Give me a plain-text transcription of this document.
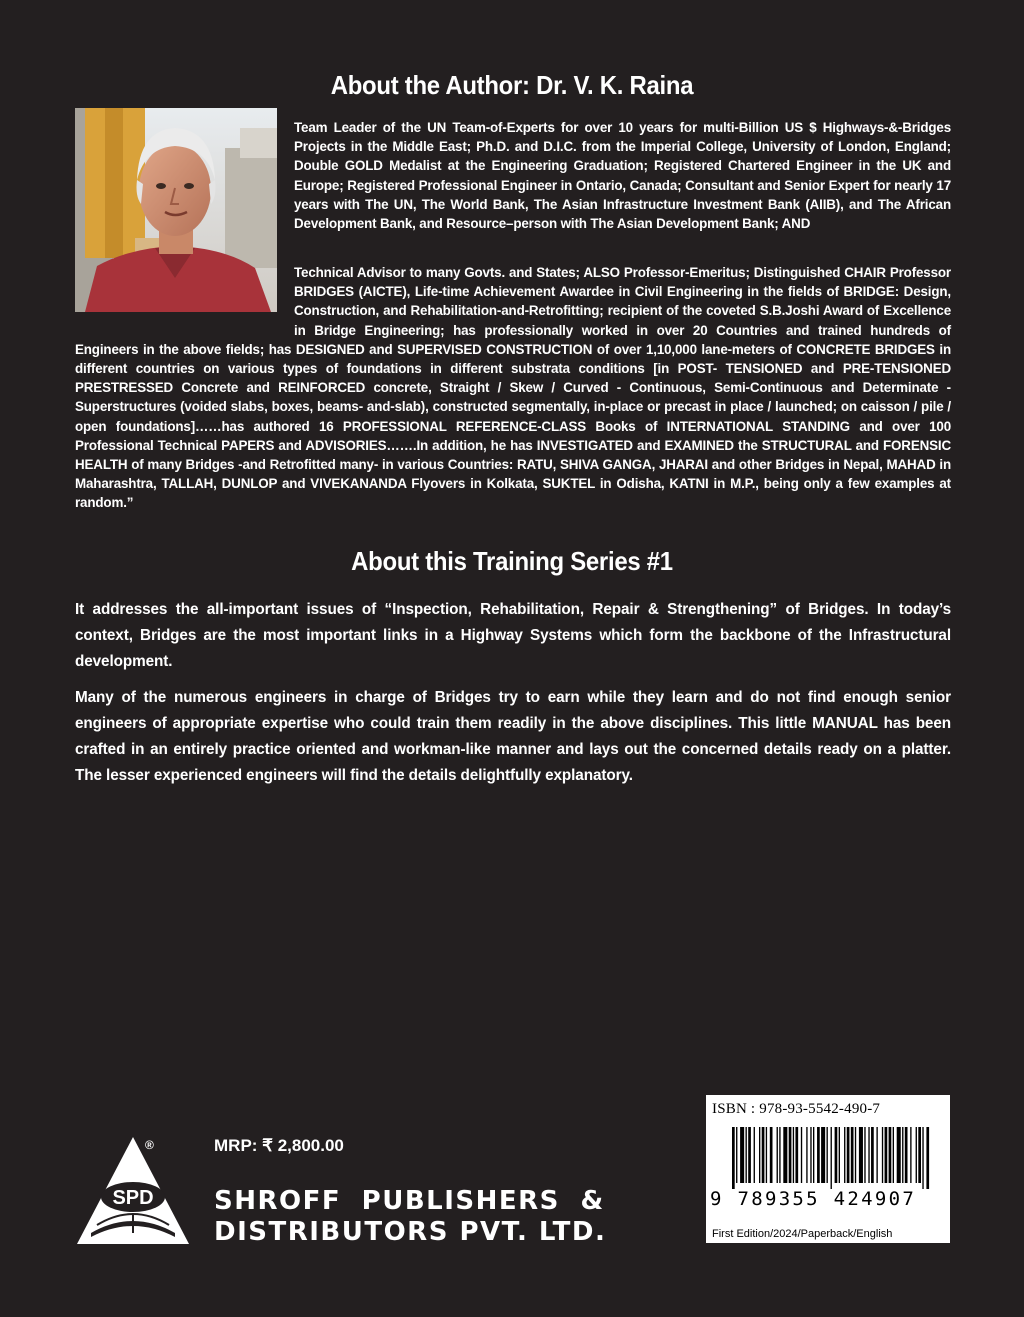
About the Author: Dr. V. K. Raina

Team Leader of the UN Team-of-Experts for over 10 years for multi-Billion US $ Highways-&-Bridges Projects in the Middle East; Ph.D. and D.I.C. from the Imperial College, University of London, England; Double GOLD Medalist at the Engineering Graduation; Registered Chartered Engineer in the UK and Europe; Registered Professional Engineer in Ontario, Canada; Consultant and Senior Expert for nearly 17 years with The UN, The World Bank, The Asian Infrastructure Investment Bank (AIIB), and The African Development Bank, and Resource–person with The Asian Development Bank; AND

Technical Advisor to many Govts. and States; ALSO Professor-Emeritus; Distinguished CHAIR Professor BRIDGES (AICTE), Life-time Achievement Awardee in Civil Engineering in the fields of BRIDGE: Design, Construction, and Rehabilitation-and-Retrofitting; recipient of the coveted S.B.Joshi Award of Excellence in Bridge Engineering; has professionally worked in over 20 Countries and trained hundreds of Engineers in the above fields; has DESIGNED and SUPERVISED CONSTRUCTION of over 1,10,000 lane-meters of CONCRETE BRIDGES in different countries on various types of foundations in different substrata conditions [in POST- TENSIONED and PRE-TENSIONED PRESTRESSED Concrete and REINFORCED concrete, Straight / Skew / Curved - Continuous, Semi-Continuous and Determinate - Superstructures (voided slabs, boxes, beams- and-slab), constructed segmentally, in-place or precast in place / launched; on caisson / pile / open foundations]……has authored 16 PROFESSIONAL REFERENCE-CLASS Books of INTERNATIONAL STANDING and over 100 Professional Technical PAPERS and ADVISORIES…….In addition, he has INVESTIGATED and EXAMINED the STRUCTURAL and FORENSIC HEALTH of many Bridges -and Retrofitted many- in various Countries: RATU, SHIVA GANGA, JHARAI and other Bridges in Nepal, MAHAD in Maharashtra, TALLAH, DUNLOP and VIVEKANANDA Flyovers in Kolkata, SUKTEL in Odisha, KATNI in M.P., being only a few examples at random.”
About this Training Series #1

It addresses the all-important issues of “Inspection, Rehabilitation, Repair & Strengthening” of Bridges. In today’s context, Bridges are the most important links in a Highway Systems which form the backbone of the Infrastructural development.

Many of the numerous engineers in charge of Bridges try to earn while they learn and do not find enough senior engineers of appropriate expertise who could train them readily in the above disciplines. This little MANUAL has been crafted in an entirely practice oriented and workman-like manner and lays out the concerned details ready on a platter. The lesser experienced engineers will find the details delightfully explanatory.

SPD
®	MRP: ₹ 2,800.00
SHROFF PUBLISHERS &
DISTRIBUTORS PVT. LTD.
ISBN : 978-93-5542-490-7
9 789355 424907
First Edition/2024/Paperback/English
